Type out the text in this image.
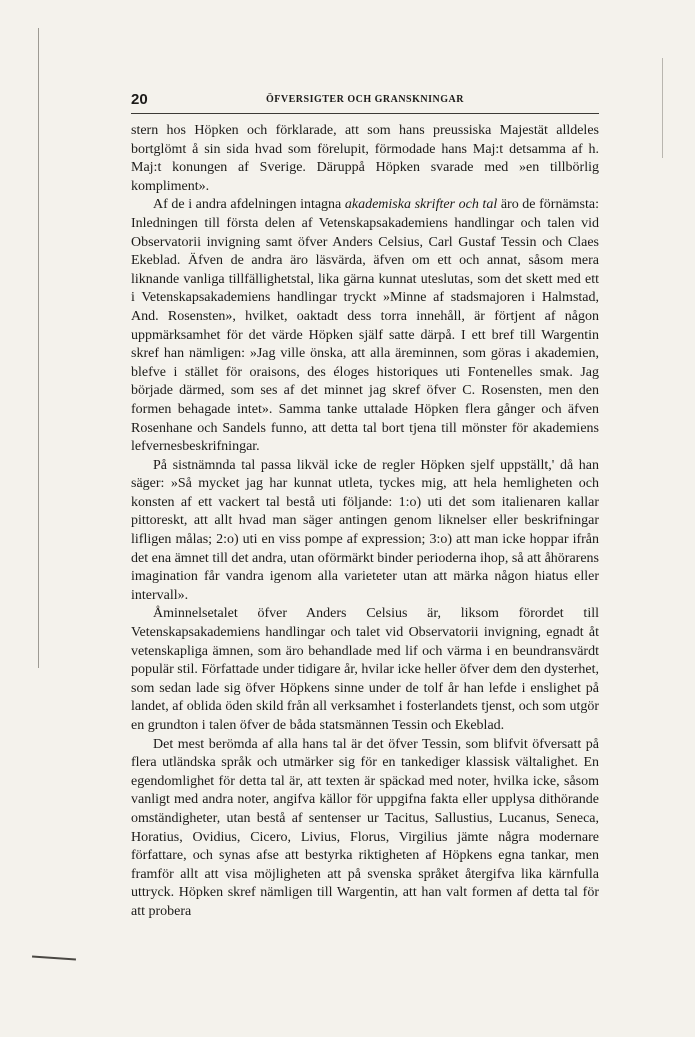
20	ÖFVERSIGTER OCH GRANSKNINGAR

stern hos Höpken och förklarade, att som hans preussiska Majestät alldeles bortglömt å sin sida hvad som förelupit, förmodade hans Maj:t detsamma af h. Maj:t konungen af Sverige. Däruppå Höpken svarade med »en tillbörlig kompliment».

Af de i andra afdelningen intagna akademiska skrifter och tal äro de förnämsta: Inledningen till första delen af Vetenskapsakademiens handlingar och talen vid Observatorii invigning samt öfver Anders Celsius, Carl Gustaf Tessin och Claes Ekeblad. Äfven de andra äro läsvärda, äfven om ett och annat, såsom mera liknande vanliga tillfällighetstal, lika gärna kunnat uteslutas, som det skett med ett i Vetenskapsakademiens handlingar tryckt »Minne af stadsmajoren i Halmstad, And. Rosensten», hvilket, oaktadt dess torra innehåll, är förtjent af någon uppmärksamhet för det värde Höpken själf satte därpå. I ett bref till Wargentin skref han nämligen: »Jag ville önska, att alla äreminnen, som göras i akademien, blefve i stället för oraisons, des éloges historiques uti Fontenelles smak. Jag började därmed, som ses af det minnet jag skref öfver C. Rosensten, men den formen behagade intet». Samma tanke uttalade Höpken flera gånger och äfven Rosenhane och Sandels funno, att detta tal bort tjena till mönster för akademiens lefvernesbeskrifningar.

På sistnämnda tal passa likväl icke de regler Höpken sjelf uppställt,' då han säger: »Så mycket jag har kunnat utleta, tyckes mig, att hela hemligheten och konsten af ett vackert tal bestå uti följande: 1:o) uti det som italienaren kallar pittoreskt, att allt hvad man säger antingen genom liknelser eller beskrifningar lifligen målas; 2:o) uti en viss pompe af expression; 3:o) att man icke hoppar ifrån det ena ämnet till det andra, utan oförmärkt binder perioderna ihop, så att åhörarens imagination får vandra igenom alla varieteter utan att märka någon hiatus eller intervall».

Åminnelsetalet öfver Anders Celsius är, liksom förordet till Vetenskapsakademiens handlingar och talet vid Observatorii invigning, egnadt åt vetenskapliga ämnen, som äro behandlade med lif och värma i en beundransvärdt populär stil. Författade under tidigare år, hvilar icke heller öfver dem den dysterhet, som sedan lade sig öfver Höpkens sinne under de tolf år han lefde i enslighet på landet, af oblida öden skild från all verksamhet i fosterlandets tjenst, och som utgör en grundton i talen öfver de båda statsmännen Tessin och Ekeblad.

Det mest berömda af alla hans tal är det öfver Tessin, som blifvit öfversatt på flera utländska språk och utmärker sig för en tankediger klassisk vältalighet. En egendomlighet för detta tal är, att texten är späckad med noter, hvilka icke, såsom vanligt med andra noter, angifva källor för uppgifna fakta eller upplysa dithörande omständigheter, utan bestå af sentenser ur Tacitus, Sallustius, Lucanus, Seneca, Horatius, Ovidius, Cicero, Livius, Florus, Virgilius jämte några modernare författare, och synas afse att bestyrka riktigheten af Höpkens egna tankar, men framför allt att visa möjligheten att på svenska språket återgifva lika kärnfulla uttryck. Höpken skref nämligen till Wargentin, att han valt formen af detta tal för att probera
